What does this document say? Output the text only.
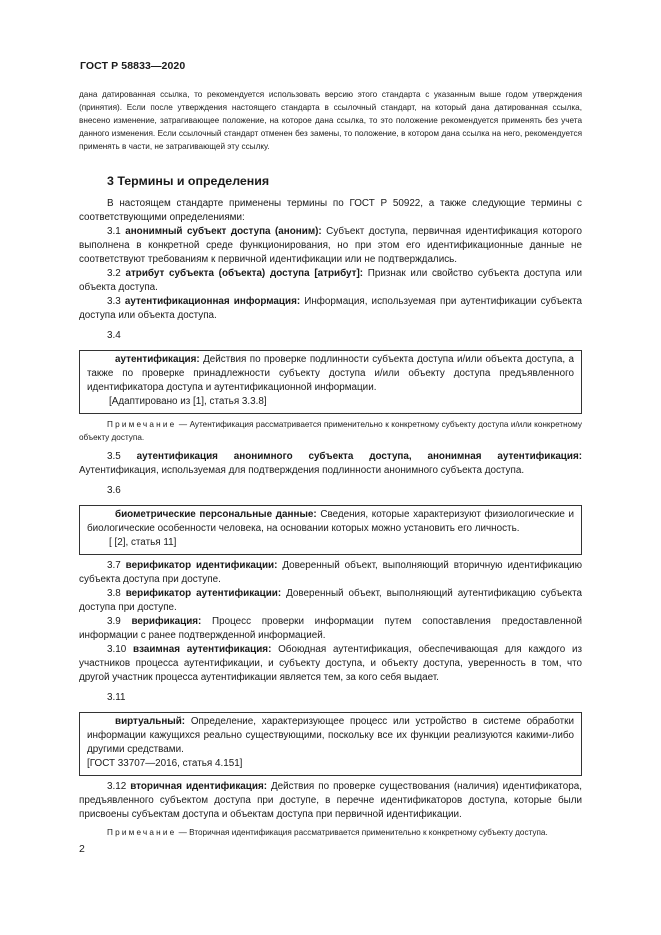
ГОСТ Р 58833—2020

дана датированная ссылка, то рекомендуется использовать версию этого стандарта с указанным выше годом утверждения (принятия). Если после утверждения настоящего стандарта в ссылочный стандарт, на который дана датированная ссылка, внесено изменение, затрагивающее положение, на которое дана ссылка, то это положение рекомендуется применять без учета данного изменения. Если ссылочный стандарт отменен без замены, то положение, в котором дана ссылка на него, рекомендуется применять в части, не затрагивающей эту ссылку.

3 Термины и определения

В настоящем стандарте применены термины по ГОСТ Р 50922, а также следующие термины с соответствующими определениями:

3.1 анонимный субъект доступа (аноним): Субъект доступа, первичная идентификация которого выполнена в конкретной среде функционирования, но при этом его идентификационные данные не соответствуют требованиям к первичной идентификации или не подтверждались.

3.2 атрибут субъекта (объекта) доступа [атрибут]: Признак или свойство субъекта доступа или объекта доступа.

3.3 аутентификационная информация: Информация, используемая при аутентификации субъекта доступа или объекта доступа.

3.4

аутентификация: Действия по проверке подлинности субъекта доступа и/или объекта доступа, а также по проверке принадлежности субъекту доступа и/или объекту доступа предъявленного идентификатора доступа и аутентификационной информации.

[Адаптировано из [1], статья 3.3.8]

Примечание — Аутентификация рассматривается применительно к конкретному субъекту доступа и/или конкретному объекту доступа.

3.5 аутентификация анонимного субъекта доступа, анонимная аутентификация: Аутентификация, используемая для подтверждения подлинности анонимного субъекта доступа.

3.6

биометрические персональные данные: Сведения, которые характеризуют физиологические и биологические особенности человека, на основании которых можно установить его личность.

[ [2], статья 11]

3.7 верификатор идентификации: Доверенный объект, выполняющий вторичную идентификацию субъекта доступа при доступе.

3.8 верификатор аутентификации: Доверенный объект, выполняющий аутентификацию субъекта доступа при доступе.

3.9 верификация: Процесс проверки информации путем сопоставления предоставленной информации с ранее подтвержденной информацией.

3.10 взаимная аутентификация: Обоюдная аутентификация, обеспечивающая для каждого из участников процесса аутентификации, и субъекту доступа, и объекту доступа, уверенность в том, что другой участник процесса аутентификации является тем, за кого себя выдает.

3.11

виртуальный: Определение, характеризующее процесс или устройство в системе обработки информации кажущихся реально существующими, поскольку все их функции реализуются какими-либо другими средствами.

[ГОСТ 33707—2016, статья 4.151]

3.12 вторичная идентификация: Действия по проверке существования (наличия) идентификатора, предъявленного субъектом доступа при доступе, в перечне идентификаторов доступа, которые были присвоены субъектам доступа и объектам доступа при первичной идентификации.

Примечание — Вторичная идентификация рассматривается применительно к конкретному субъекту доступа.

2
